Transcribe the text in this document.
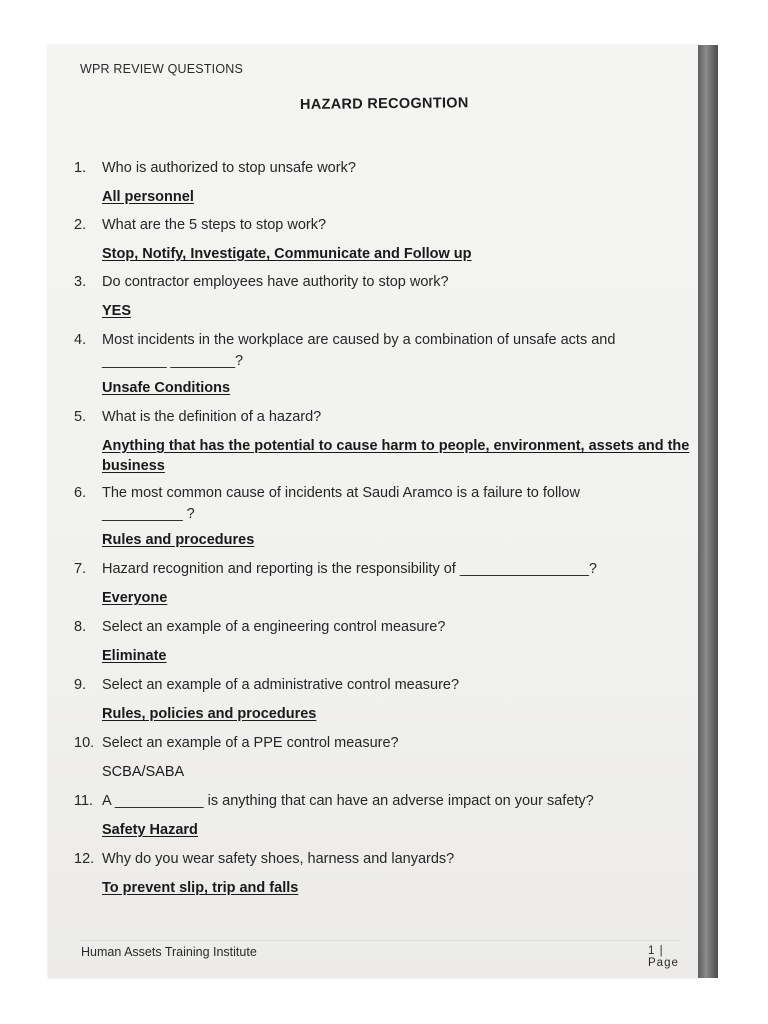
WPR REVIEW QUESTIONS
HAZARD RECOGNTION
1.	Who is authorized to stop unsafe work?
All personnel
2.	What are the 5 steps to stop work?
Stop, Notify, Investigate, Communicate and Follow up
3.	Do contractor employees have authority to stop work?
YES
4.	Most incidents in the workplace are caused by a combination of unsafe acts and
________ ________?
Unsafe Conditions
5.	What is the definition of a hazard?
Anything that has the potential to cause harm to people, environment, assets and the business
6.	The most common cause of incidents at Saudi Aramco is a failure to follow
__________ ?
Rules and procedures
7.	Hazard recognition and reporting is the responsibility of ________________?
Everyone
8.	Select an example of a engineering control measure?
Eliminate
9.	Select an example of a administrative control measure?
Rules, policies and procedures
10. Select an example of a PPE control measure?
SCBA/SABA
11. A ___________ is anything that can have an adverse impact on your safety?
Safety Hazard
12. Why do you wear safety shoes, harness and lanyards?
To prevent slip, trip and falls
Human Assets Training Institute	1 | Page
